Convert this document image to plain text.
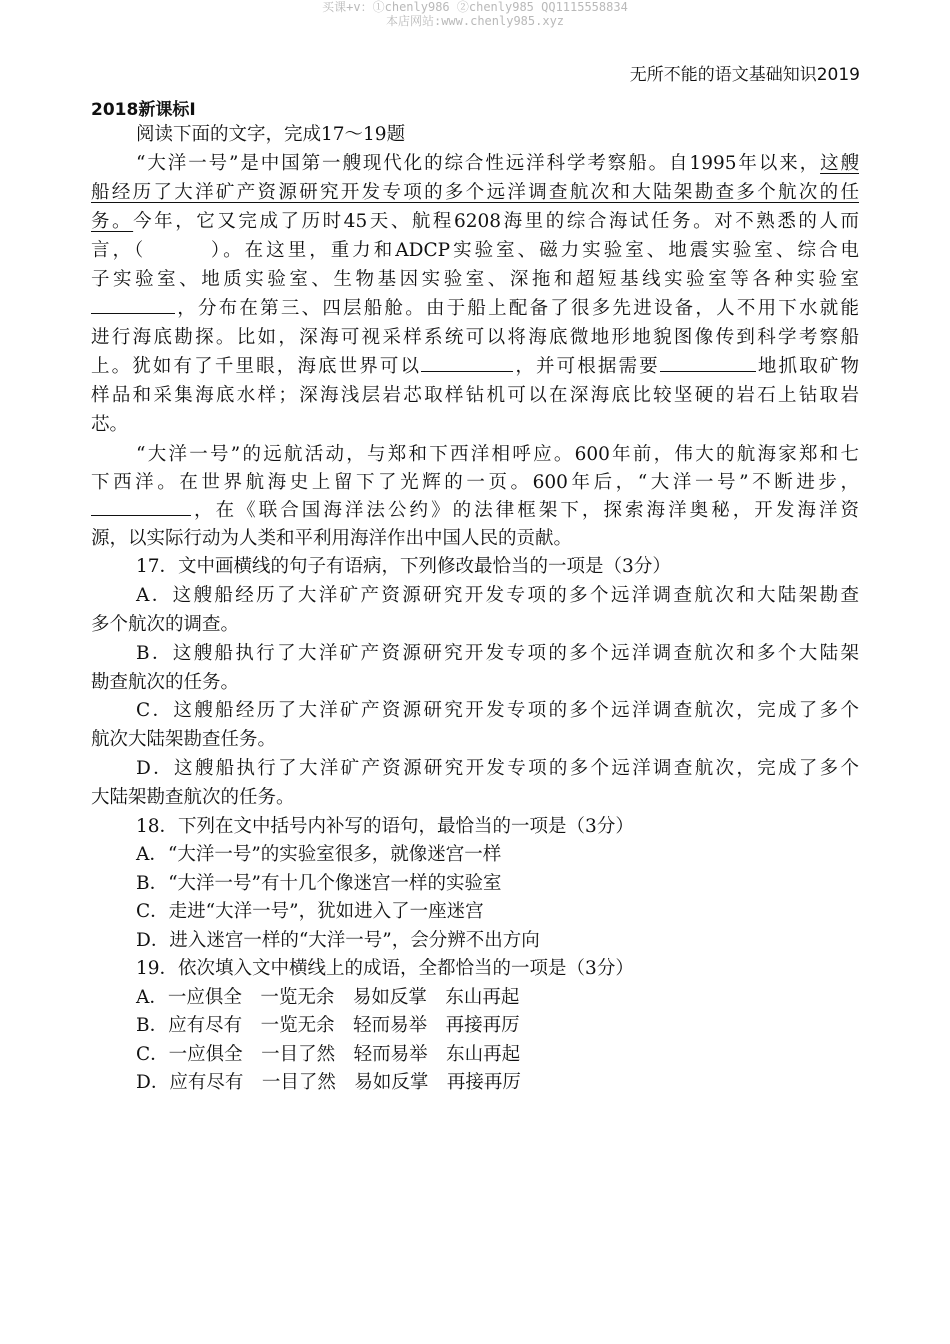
买课+v：①chenly986 ②chenly985 QQ1115558834
本店网站:www.chenly985.xyz
无所不能的语文基础知识2019
2018新课标Ⅰ
阅读下面的文字，完成17～19题
“大洋一号”是中国第一艘现代化的综合性远洋科学考察船。自1995年以来，这艘
船经历了大洋矿产资源研究开发专项的多个远洋调查航次和大陆架勘查多个航次的任
务。今年，它又完成了历时45天、航程6208海里的综合海试任务。对不熟悉的人而
言，（　　　）。在这里，重力和ADCP实验室、磁力实验室、地震实验室、综合电
子实验室、地质实验室、生物基因实验室、深拖和超短基线实验室等各种实验室
，分布在第三、四层船舱。由于船上配备了很多先进设备，人不用下水就能
进行海底勘探。比如，深海可视采样系统可以将海底微地形地貌图像传到科学考察船
上。犹如有了千里眼，海底世界可以	，并可根据需要	地抓取矿物
样品和采集海底水样；深海浅层岩芯取样钻机可以在深海底比较坚硬的岩石上钻取岩
芯。
“大洋一号”的远航活动，与郑和下西洋相呼应。600年前，伟大的航海家郑和七
下西洋。在世界航海史上留下了光辉的一页。600年后，“大洋一号”不断进步，
，在《联合国海洋法公约》的法律框架下，探索海洋奥秘，开发海洋资
源，以实际行动为人类和平利用海洋作出中国人民的贡献。
17．文中画横线的句子有语病，下列修改最恰当的一项是（3分）
A．这艘船经历了大洋矿产资源研究开发专项的多个远洋调查航次和大陆架勘查
多个航次的调查。
B．这艘船执行了大洋矿产资源研究开发专项的多个远洋调查航次和多个大陆架
勘查航次的任务。
C．这艘船经历了大洋矿产资源研究开发专项的多个远洋调查航次，完成了多个
航次大陆架勘查任务。
D．这艘船执行了大洋矿产资源研究开发专项的多个远洋调查航次，完成了多个
大陆架勘查航次的任务。
18．下列在文中括号内补写的语句，最恰当的一项是（3分）
A．“大洋一号”的实验室很多，就像迷宫一样
B．“大洋一号”有十几个像迷宫一样的实验室
C．走进“大洋一号”，犹如进入了一座迷宫
D．进入迷宫一样的“大洋一号”，会分辨不出方向
19．依次填入文中横线上的成语，全都恰当的一项是（3分）
A．一应俱全　一览无余　易如反掌　东山再起
B．应有尽有　一览无余　轻而易举　再接再厉
C．一应俱全　一目了然　轻而易举　东山再起
D．应有尽有　一目了然　易如反掌　再接再厉
